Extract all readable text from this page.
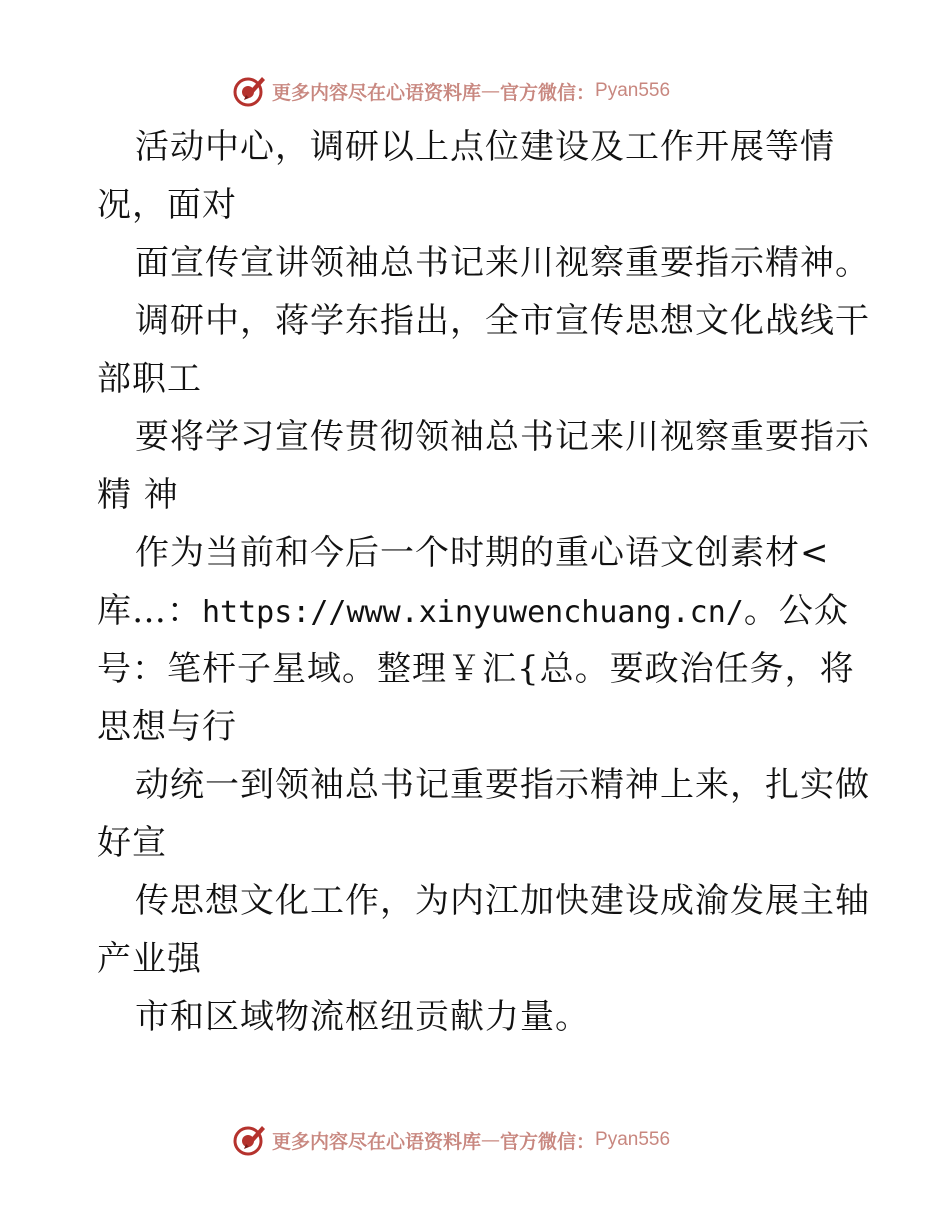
更多内容尽在心语资料库 — 官方微信： Pyan556
活动中心，调研以上点位建设及工作开展等情
况，面对
面宣传宣讲领袖总书记来川视察重要指示精神。
调研中，蒋学东指出，全市宣传思想文化战线干
部职工
要将学习宣传贯彻领袖总书记来川视察重要指示
精 神
作为当前和今后一个时期的重心语文创素材<
库…：https://www.xinyuwenchuang.cn/。公众
号：笔杆子星域。整理￥汇{总。要政治任务，将
思想与行
动统一到领袖总书记重要指示精神上来，扎实做
好宣
传思想文化工作，为内江加快建设成渝发展主轴
产业强
市和区域物流枢纽贡献力量。
更多内容尽在心语资料库 — 官方微信： Pyan556
